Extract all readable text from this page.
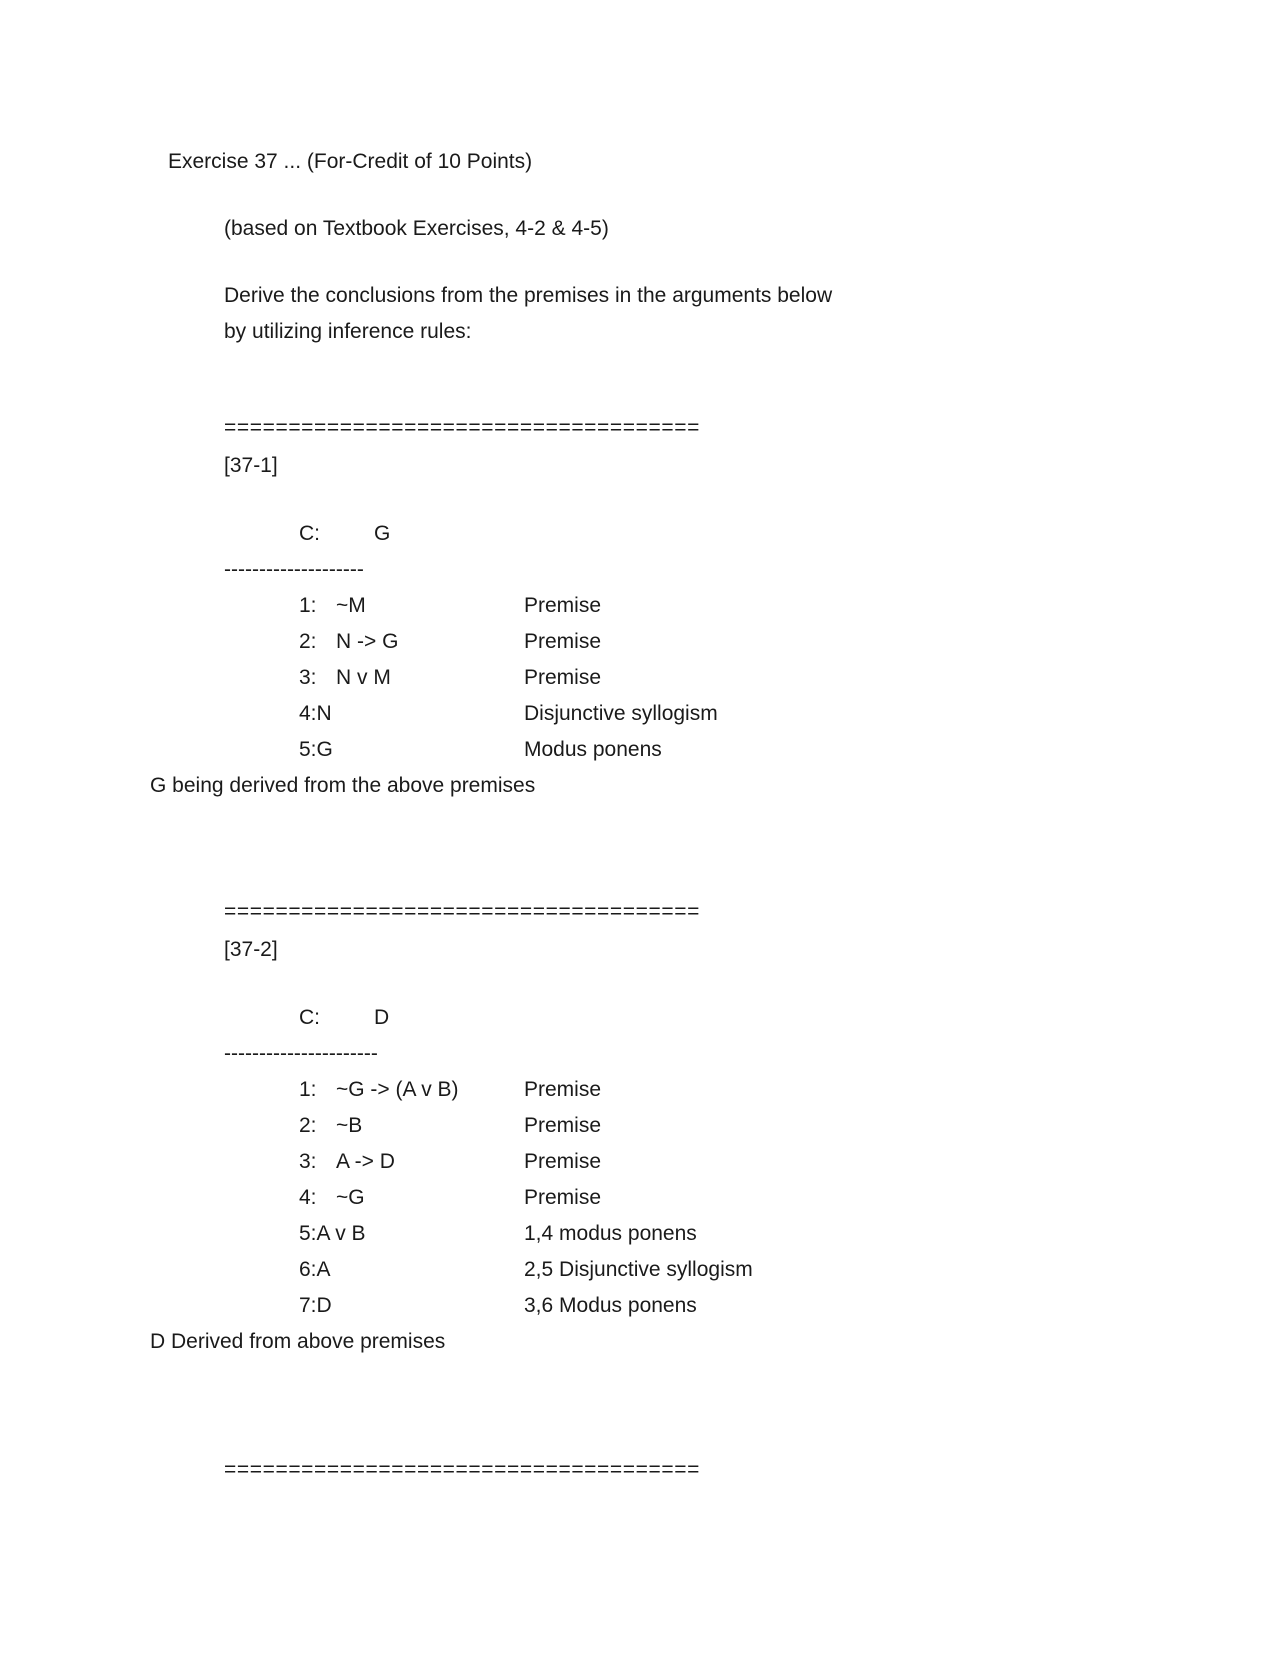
Exercise 37 ... (For-Credit of 10 Points)
(based on Textbook Exercises, 4-2 & 4-5)
Derive the conclusions from the premises in the arguments below
by utilizing inference rules:
=====================================
[37-1]
C:	G
--------------------
1: ~M	Premise
2: N -> G	Premise
3: N v M	Premise
4:N	Disjunctive syllogism
5:G	Modus ponens
G being derived from the above premises
=====================================
[37-2]
C:	D
----------------------
1: ~G -> (A v B)	Premise
2: ~B	Premise
3: A -> D	Premise
4: ~G	Premise
5:A v B	1,4 modus ponens
6:A	2,5 Disjunctive syllogism
7:D	3,6 Modus ponens
D Derived from above premises
=====================================
